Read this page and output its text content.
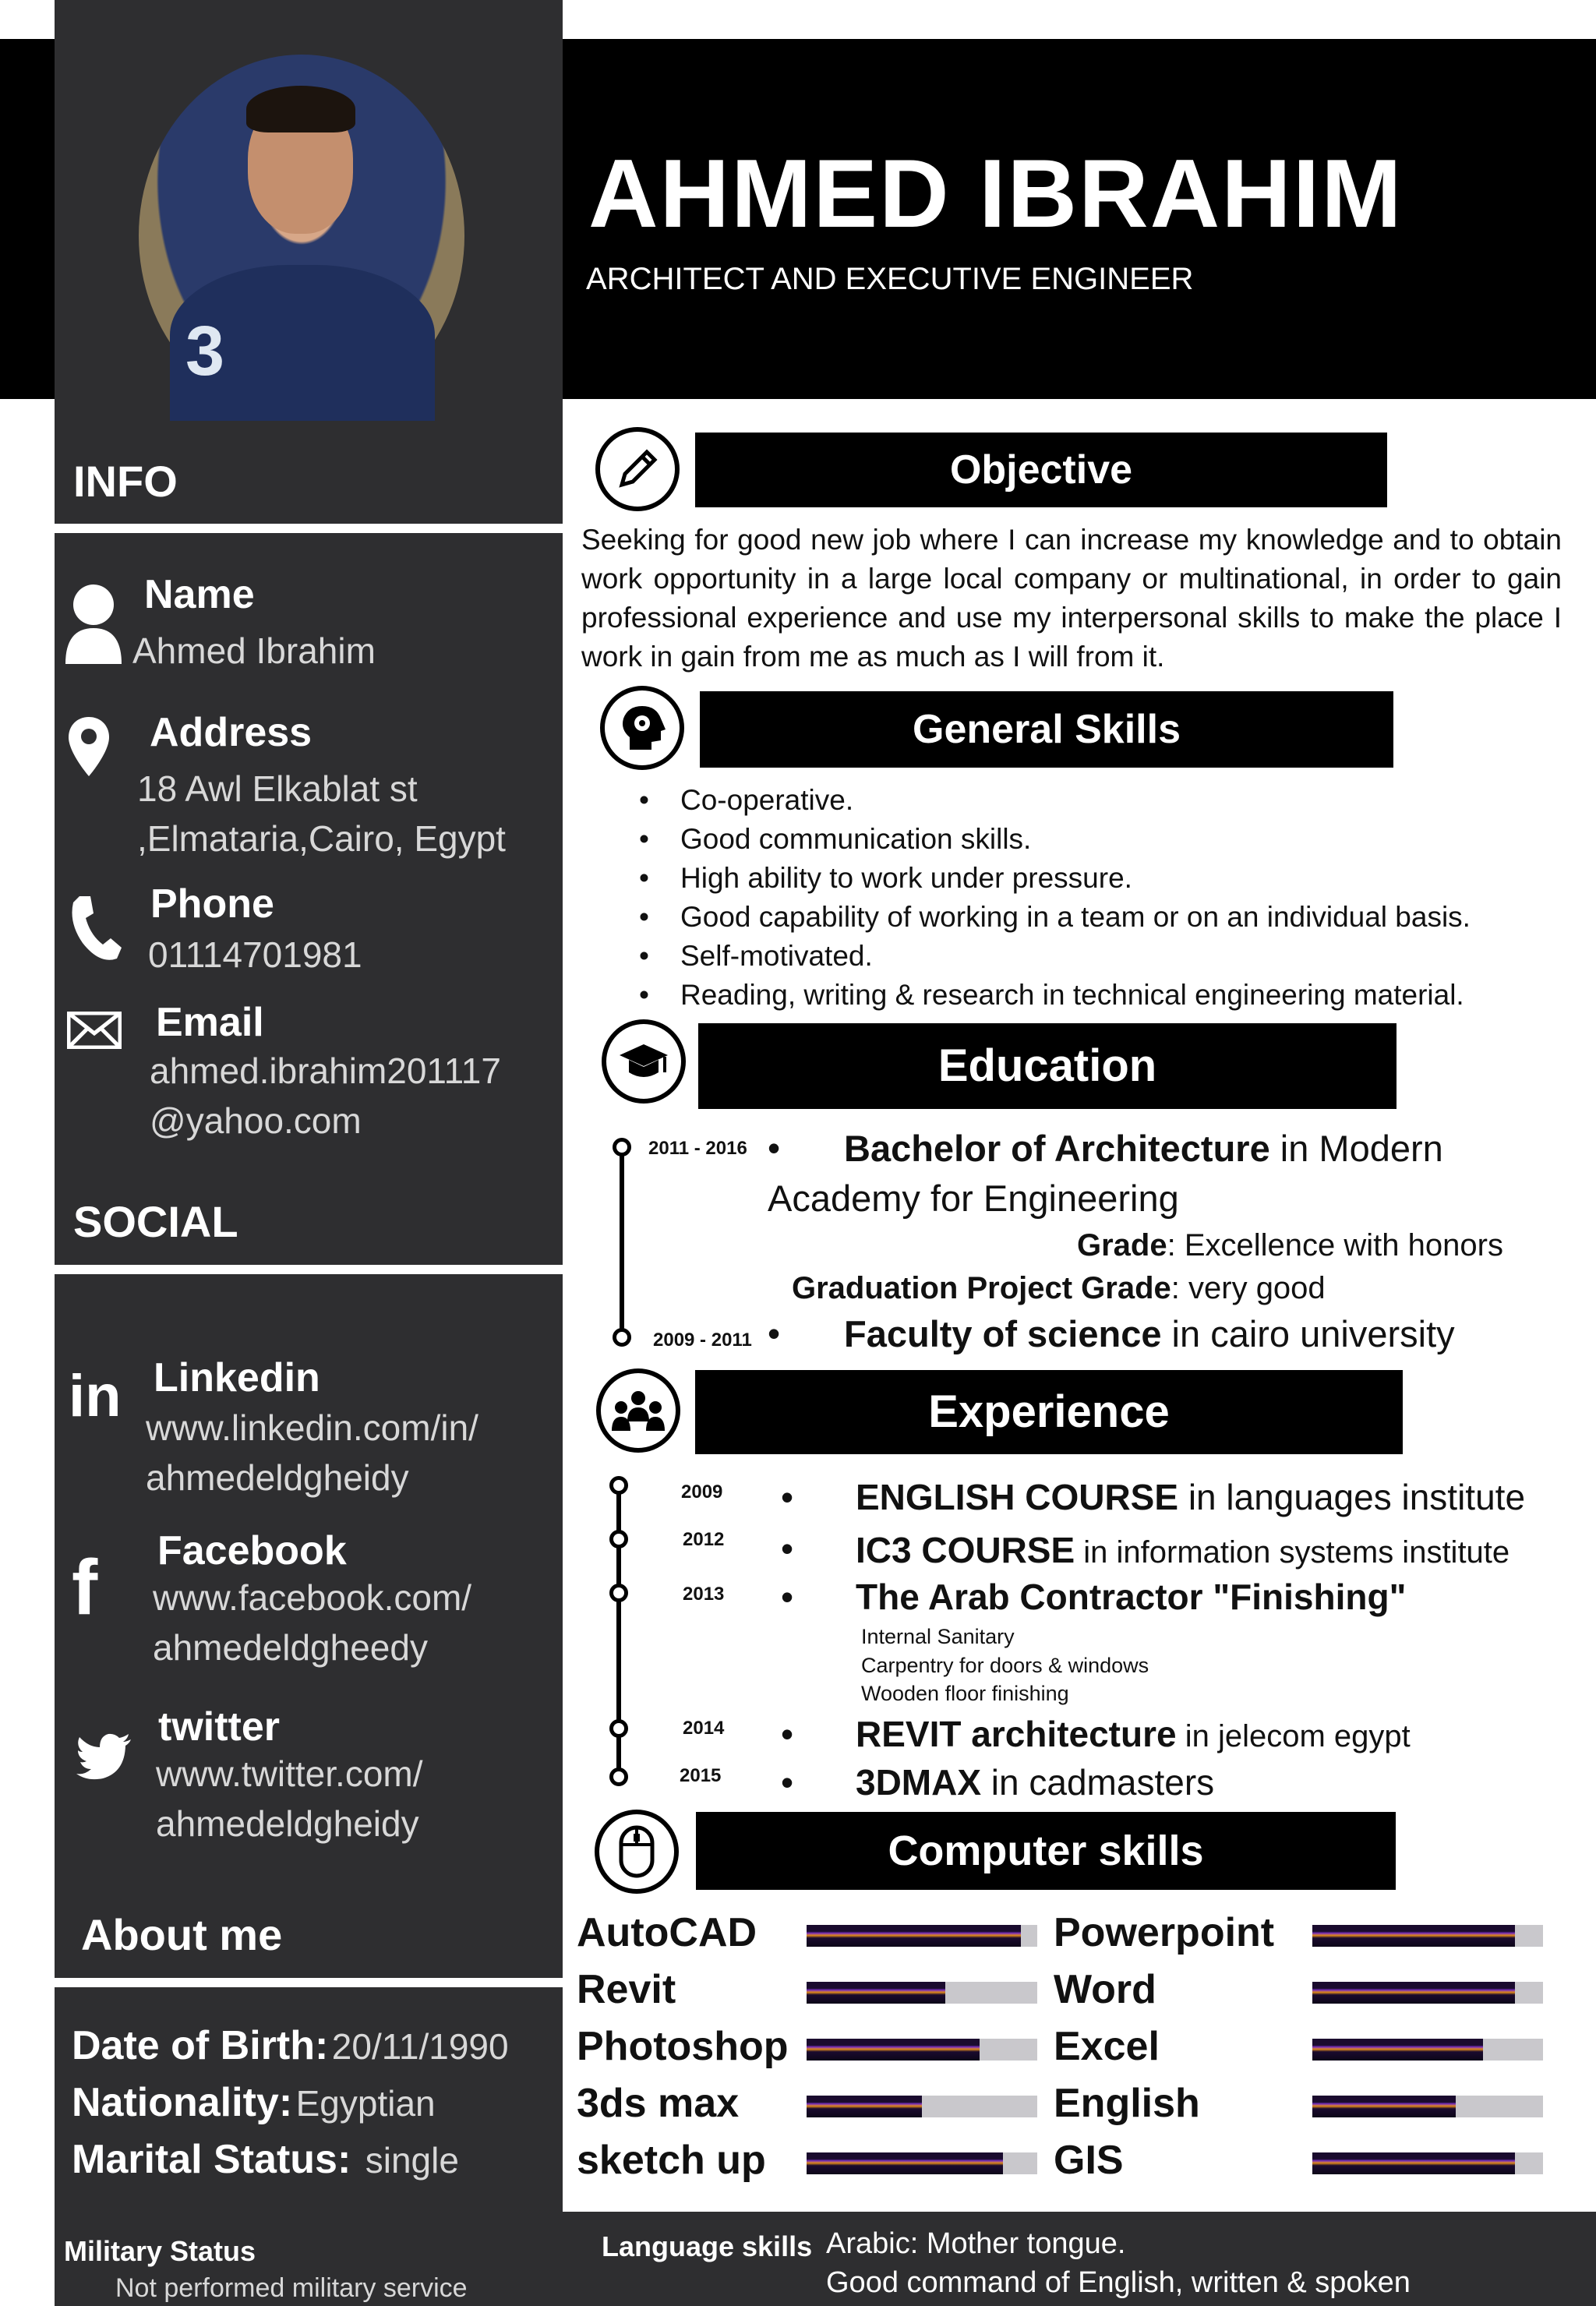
3
AHMED IBRAHIM
ARCHITECT AND EXECUTIVE ENGINEER
INFO
Name
Ahmed Ibrahim
Address
18 Awl Elkablat st
,Elmataria,Cairo, Egypt
Phone
01114701981
Email
ahmed.ibrahim201117
@yahoo.com
SOCIAL
in Linkedin
www.linkedin.com/in/
ahmedeldgheidy
f Facebook
www.facebook.com/
ahmedeldgheedy
twitter
www.twitter.com/
ahmedeldgheidy
About me
Date of Birth: 20/11/1990
Nationality: Egyptian
Marital Status: single
Objective
Seeking for good new job where I can increase my knowledge and to obtain work opportunity in a large local company or multinational, in order to gain professional experience and use my interpersonal skills to make the place I work in gain from me as much as I will from it.
General Skills
• Co-operative.
• Good communication skills.
• High ability to work under pressure.
• Good capability of working in a team or on an individual basis.
• Self-motivated.
• Reading, writing & research in technical engineering material.
Education
2011 - 2016 • Bachelor of Architecture in Modern
Academy for Engineering
Grade: Excellence with honors
Graduation Project Grade: very good
2009 - 2011 • Faculty of science in cairo university
Experience
2009 • ENGLISH COURSE in languages institute
2012 • IC3 COURSE in information systems institute
2013 • The Arab Contractor "Finishing"
Internal Sanitary
Carpentry for doors & windows
Wooden floor finishing
2014 • REVIT architecture in jelecom egypt
2015 • 3DMAX in cadmasters
Computer skills
AutoCAD
Revit
Photoshop
3ds max
sketch up
Powerpoint
Word
Excel
English
GIS
Military Status
Not performed military service
Language skills Arabic: Mother tongue.
Good command of English, written & spoken
